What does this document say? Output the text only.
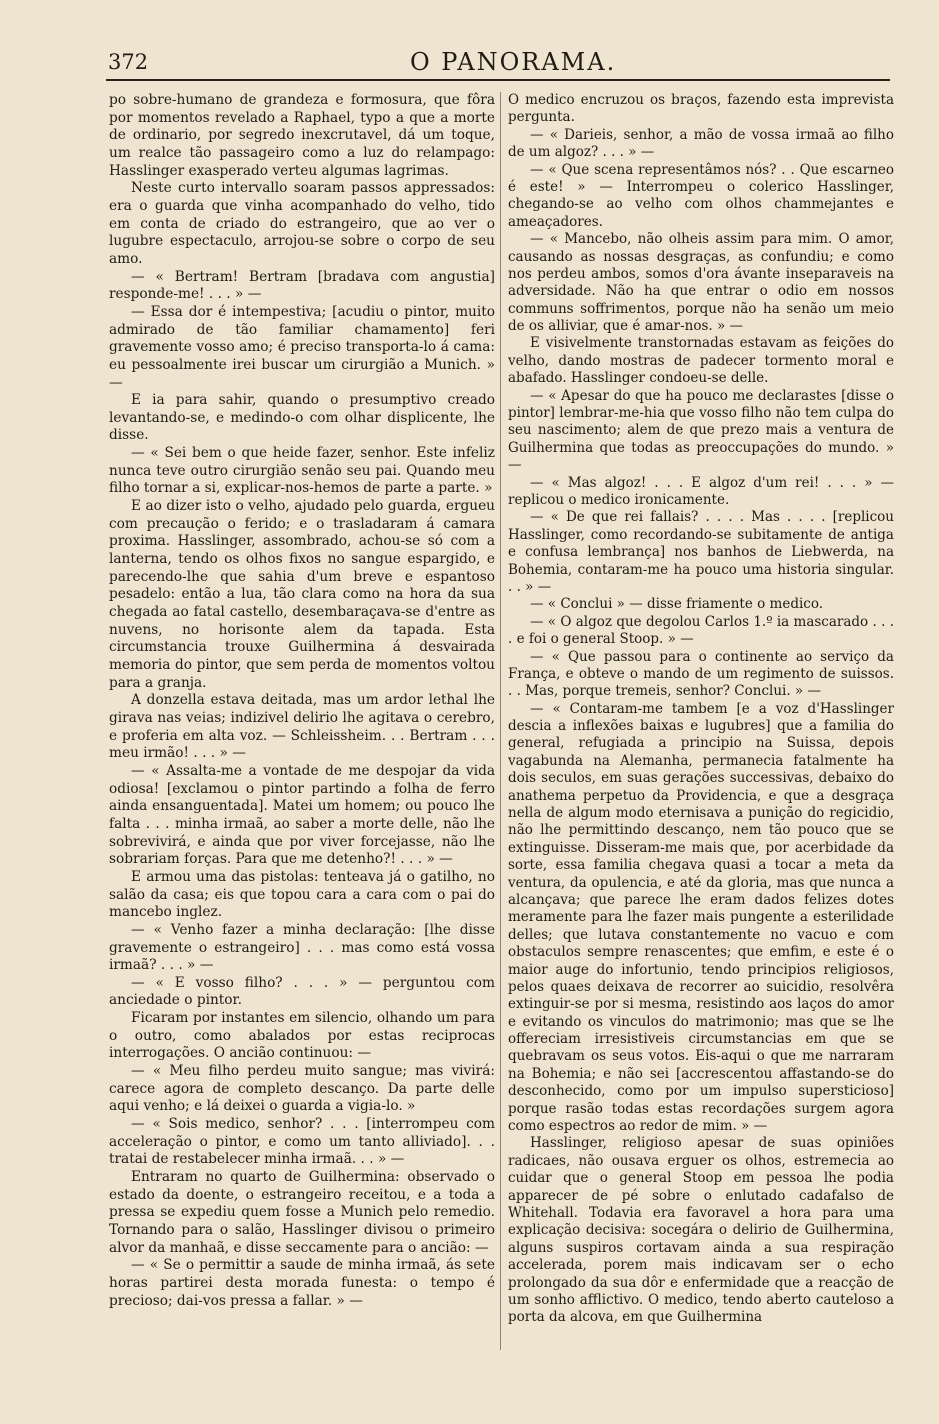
372	O PANORAMA.

po sobre-humano de grandeza e formosura, que fôra por momentos revelado a Raphael, typo a que a morte de ordinario, por segredo inexcrutavel, dá um toque, um realce tão passageiro como a luz do relampago: Hasslinger exasperado verteu algumas lagrimas.

Neste curto intervallo soaram passos appressados: era o guarda que vinha acompanhado do velho, tido em conta de criado do estrangeiro, que ao ver o lugubre espectaculo, arrojou-se sobre o corpo de seu amo.

— « Bertram! Bertram [bradava com angustia] responde-me! . . . » —

— Essa dor é intempestiva; [acudiu o pintor, muito admirado de tão familiar chamamento] feri gravemente vosso amo; é preciso transporta-lo á cama: eu pessoalmente irei buscar um cirurgião a Munich. » —

E ia para sahir, quando o presumptivo creado levantando-se, e medindo-o com olhar displicente, lhe disse.

— « Sei bem o que heide fazer, senhor. Este infeliz nunca teve outro cirurgião senão seu pai. Quando meu filho tornar a si, explicar-nos-hemos de parte a parte. »

E ao dizer isto o velho, ajudado pelo guarda, ergueu com precaução o ferido; e o trasladaram á camara proxima. Hasslinger, assombrado, achou-se só com a lanterna, tendo os olhos fixos no sangue espargido, e parecendo-lhe que sahia d'um breve e espantoso pesadelo: então a lua, tão clara como na hora da sua chegada ao fatal castello, desembaraçava-se d'entre as nuvens, no horisonte alem da tapada. Esta circumstancia trouxe Guilhermina á desvairada memoria do pintor, que sem perda de momentos voltou para a granja.

A donzella estava deitada, mas um ardor lethal lhe girava nas veias; indizivel delirio lhe agitava o cerebro, e proferia em alta voz. — Schleissheim. . . Bertram . . . meu irmão! . . . » —

— « Assalta-me a vontade de me despojar da vida odiosa! [exclamou o pintor partindo a folha de ferro ainda ensanguentada]. Matei um homem; ou pouco lhe falta . . . minha irmaã, ao saber a morte delle, não lhe sobrevivirá, e ainda que por viver forcejasse, não lhe sobrariam forças. Para que me detenho?! . . . » —

E armou uma das pistolas: tenteava já o gatilho, no salão da casa; eis que topou cara a cara com o pai do mancebo inglez.

— « Venho fazer a minha declaração: [lhe disse gravemente o estrangeiro] . . . mas como está vossa irmaã? . . . » —

— « E vosso filho? . . . » — perguntou com anciedade o pintor.

Ficaram por instantes em silencio, olhando um para o outro, como abalados por estas reciprocas interrogações. O ancião continuou: —

— « Meu filho perdeu muito sangue; mas vivirá: carece agora de completo descanço. Da parte delle aqui venho; e lá deixei o guarda a vigia-lo. »

— « Sois medico, senhor? . . . [interrompeu com acceleração o pintor, e como um tanto alliviado]. . . tratai de restabelecer minha irmaã. . . » —

Entraram no quarto de Guilhermina: observado o estado da doente, o estrangeiro receitou, e a toda a pressa se expediu quem fosse a Munich pelo remedio. Tornando para o salão, Hasslinger divisou o primeiro alvor da manhaã, e disse seccamente para o ancião: —

— « Se o permittir a saude de minha irmaã, ás sete horas partirei desta morada funesta: o tempo é precioso; dai-vos pressa a fallar. » —

O medico encruzou os braços, fazendo esta imprevista pergunta.

— « Darieis, senhor, a mão de vossa irmaã ao filho de um algoz? . . . » —

— « Que scena representâmos nós? . . Que escarneo é este! » — Interrompeu o colerico Hasslinger, chegando-se ao velho com olhos chammejantes e ameaçadores.

— « Mancebo, não olheis assim para mim. O amor, causando as nossas desgraças, as confundiu; e como nos perdeu ambos, somos d'ora ávante inseparaveis na adversidade. Não ha que entrar o odio em nossos communs soffrimentos, porque não ha senão um meio de os alliviar, que é amar-nos. » —

E visivelmente transtornadas estavam as feições do velho, dando mostras de padecer tormento moral e abafado. Hasslinger condoeu-se delle.

— « Apesar do que ha pouco me declarastes [disse o pintor] lembrar-me-hia que vosso filho não tem culpa do seu nascimento; alem de que prezo mais a ventura de Guilhermina que todas as preoccupações do mundo. » —

— « Mas algoz! . . . E algoz d'um rei! . . . » — replicou o medico ironicamente.

— « De que rei fallais? . . . . Mas . . . . [replicou Hasslinger, como recordando-se subitamente de antiga e confusa lembrança] nos banhos de Liebwerda, na Bohemia, contaram-me ha pouco uma historia singular. . . » —

— « Conclui » — disse friamente o medico.

— « O algoz que degolou Carlos 1.º ia mascarado . . . . e foi o general Stoop. » —

— « Que passou para o continente ao serviço da França, e obteve o mando de um regimento de suissos. . . Mas, porque tremeis, senhor? Conclui. » —

— « Contaram-me tambem [e a voz d'Hasslinger descia a inflexões baixas e lugubres] que a familia do general, refugiada a principio na Suissa, depois vagabunda na Alemanha, permanecia fatalmente ha dois seculos, em suas gerações successivas, debaixo do anathema perpetuo da Providencia, e que a desgraça nella de algum modo eternisava a punição do regicidio, não lhe permittindo descanço, nem tão pouco que se extinguisse. Disseram-me mais que, por acerbidade da sorte, essa familia chegava quasi a tocar a meta da ventura, da opulencia, e até da gloria, mas que nunca a alcançava; que parece lhe eram dados felizes dotes meramente para lhe fazer mais pungente a esterilidade delles; que lutava constantemente no vacuo e com obstaculos sempre renascentes; que emfim, e este é o maior auge do infortunio, tendo principios religiosos, pelos quaes deixava de recorrer ao suicidio, resolvêra extinguir-se por si mesma, resistindo aos laços do amor e evitando os vinculos do matrimonio; mas que se lhe offereciam irresistiveis circumstancias em que se quebravam os seus votos. Eis-aqui o que me narraram na Bohemia; e não sei [accrescentou affastando-se do desconhecido, como por um impulso supersticioso] porque rasão todas estas recordações surgem agora como espectros ao redor de mim. » —

Hasslinger, religioso apesar de suas opiniões radicaes, não ousava erguer os olhos, estremecia ao cuidar que o general Stoop em pessoa lhe podia apparecer de pé sobre o enlutado cadafalso de Whitehall. Todavia era favoravel a hora para uma explicação decisiva: socegára o delirio de Guilhermina, alguns suspiros cortavam ainda a sua respiração accelerada, porem mais indicavam ser o echo prolongado da sua dôr e enfermidade que a reacção de um sonho afflictivo. O medico, tendo aberto cauteloso a porta da alcova, em que Guilhermina
